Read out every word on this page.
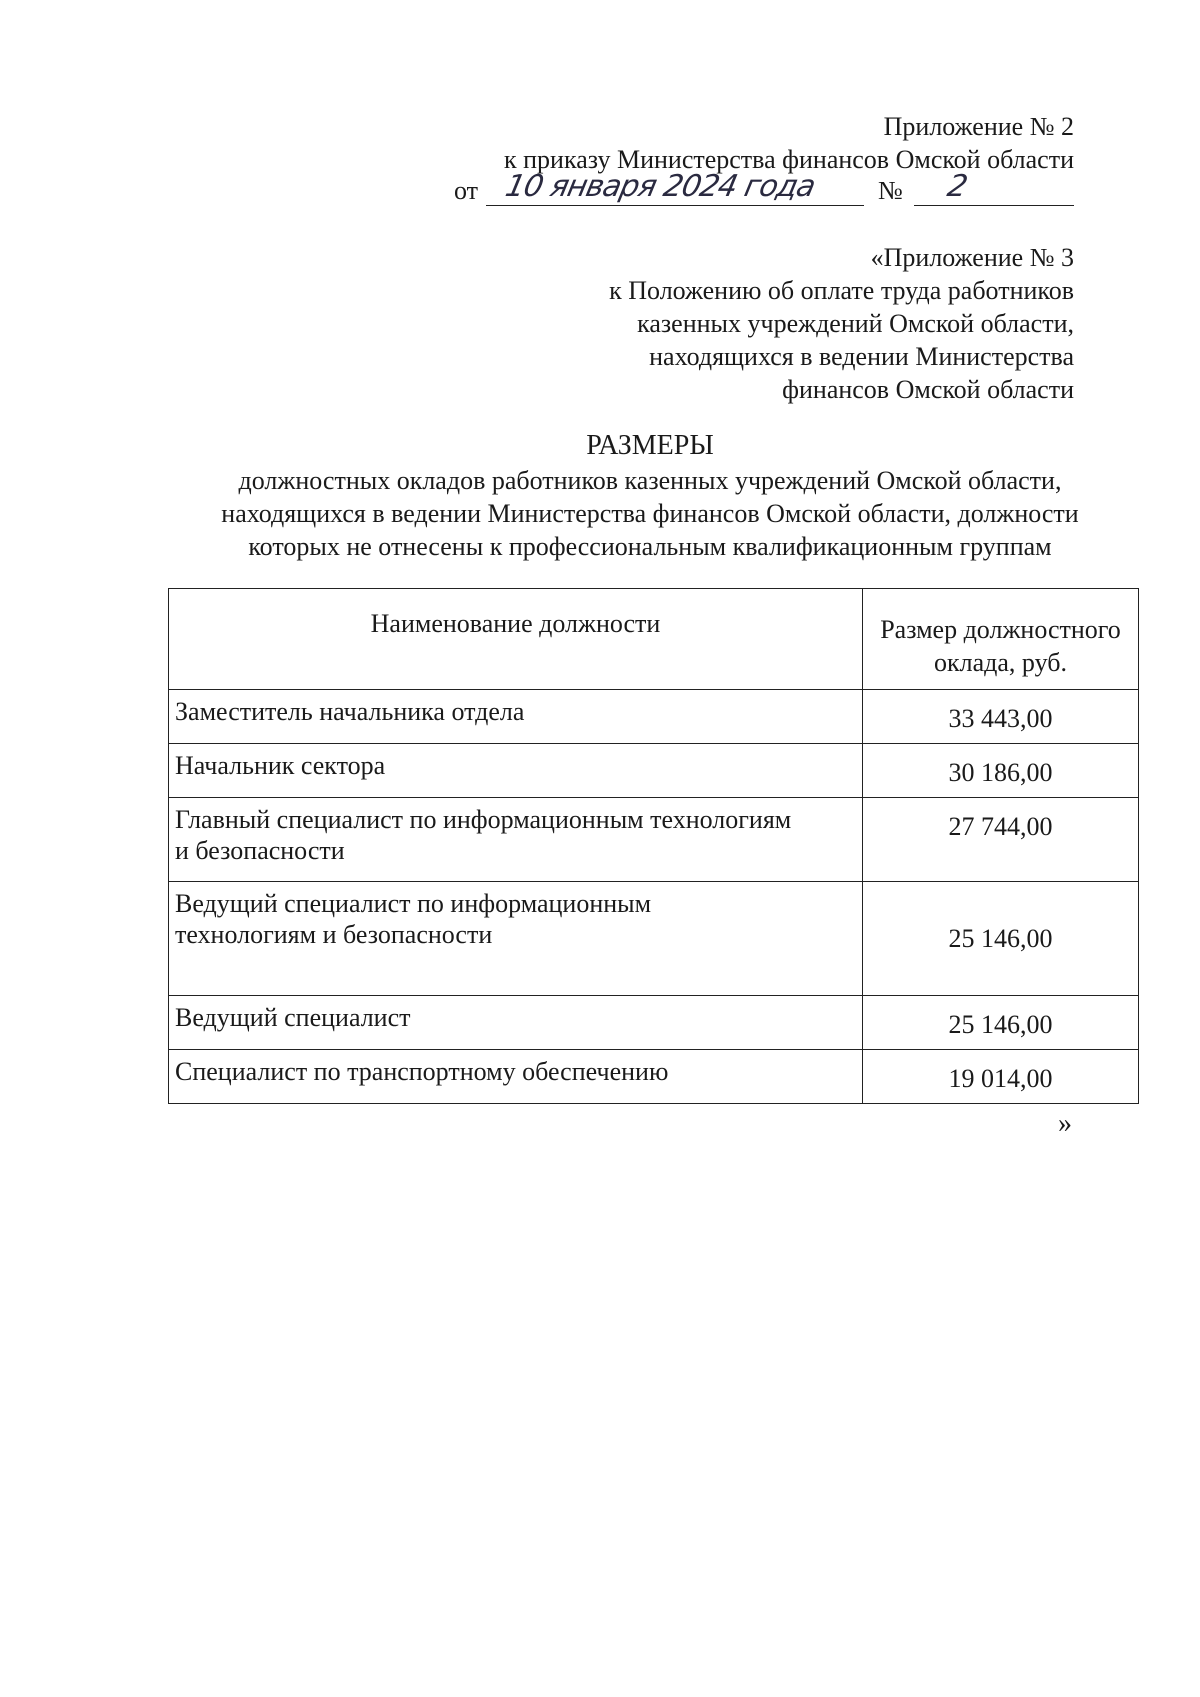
Приложение № 2
к приказу Министерства финансов Омской области
от 10 января 2024 года № 2
«Приложение № 3
к Положению об оплате труда работников
казенных учреждений Омской области,
находящихся в ведении Министерства
финансов Омской области
РАЗМЕРЫ
должностных окладов работников казенных учреждений Омской области,
находящихся в ведении Министерства финансов Омской области, должности
которых не отнесены к профессиональным квалификационным группам
Наименование должности	Размер должностного
оклада, руб.

Заместитель начальника отдела	33 443,00

Начальник сектора	30 186,00

Главный специалист по информационным технологиям
и безопасности	27 744,00

Ведущий специалист по информационным
технологиям и безопасности	25 146,00

Ведущий специалист	25 146,00

Специалист по транспортному обеспечению	19 014,00
»
